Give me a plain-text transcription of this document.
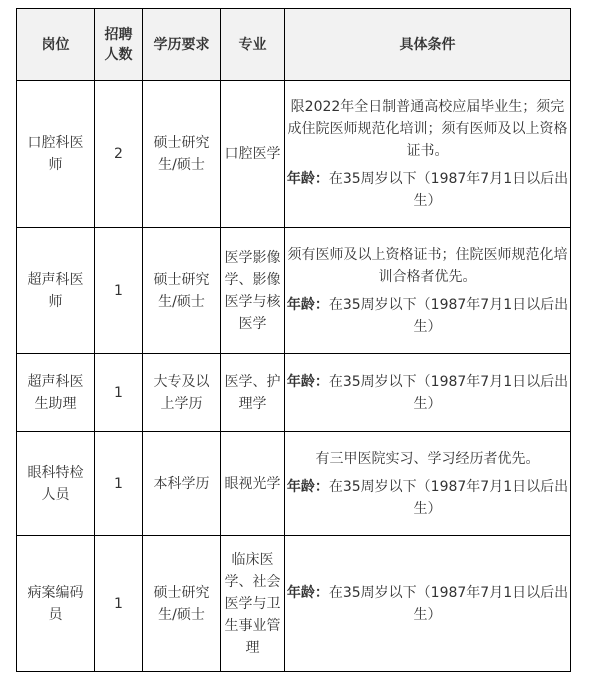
岗位	招聘人数	学历要求	专业	具体条件
口腔科医师	2	硕士研究生/硕士	口腔医学	限2022年全日制普通高校应届毕业生；须完成住院医师规范化培训；须有医师及以上资格证书。
年龄：在35周岁以下（1987年7月1日以后出生）

超声科医师	1	硕士研究生/硕士	医学影像学、影像医学与核医学	须有医师及以上资格证书；住院医师规范化培训合格者优先。
年龄：在35周岁以下（1987年7月1日以后出生）

超声科医生助理	1	大专及以上学历	医学、护理学	年龄：在35周岁以下（1987年7月1日以后出生）

眼科特检人员	1	本科学历	眼视光学	有三甲医院实习、学习经历者优先。
年龄：在35周岁以下（1987年7月1日以后出生）

病案编码员	1	硕士研究生/硕士	临床医学、社会医学与卫生事业管理	年龄：在35周岁以下（1987年7月1日以后出生）
